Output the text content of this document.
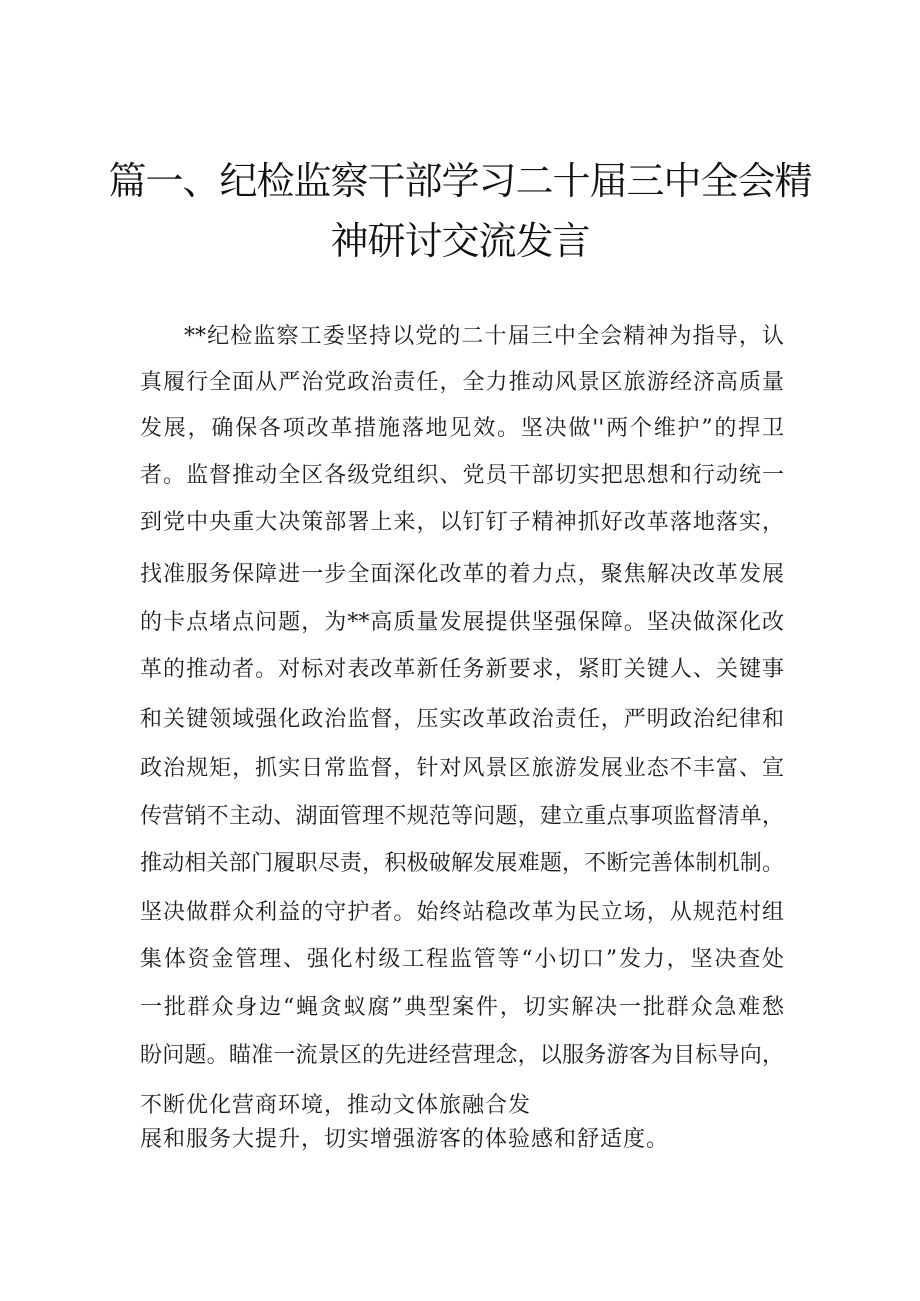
篇一、纪检监察干部学习二十届三中全会精
神研讨交流发言
**纪检监察工委坚持以党的二十届三中全会精神为指导，认
真履行全面从严治党政治责任，全力推动风景区旅游经济高质量
发展，确保各项改革措施落地见效。坚决做''两个维护”的捍卫
者。监督推动全区各级党组织、党员干部切实把思想和行动统一
到党中央重大决策部署上来，以钉钉子精神抓好改革落地落实，
找准服务保障进一步全面深化改革的着力点，聚焦解决改革发展
的卡点堵点问题，为**高质量发展提供坚强保障。坚决做深化改
革的推动者。对标对表改革新任务新要求，紧盯关键人、关键事
和关键领域强化政治监督，压实改革政治责任，严明政治纪律和
政治规矩，抓实日常监督，针对风景区旅游发展业态不丰富、宣
传营销不主动、湖面管理不规范等问题，建立重点事项监督清单，
推动相关部门履职尽责，积极破解发展难题，不断完善体制机制。
坚决做群众利益的守护者。始终站稳改革为民立场，从规范村组
集体资金管理、强化村级工程监管等“小切口”发力，坚决查处
一批群众身边“蝇贪蚁腐”典型案件，切实解决一批群众急难愁
盼问题。瞄准一流景区的先进经营理念，以服务游客为目标导向，
不断优化营商环境，推动文体旅融合发
展和服务大提升，切实增强游客的体验感和舒适度。
